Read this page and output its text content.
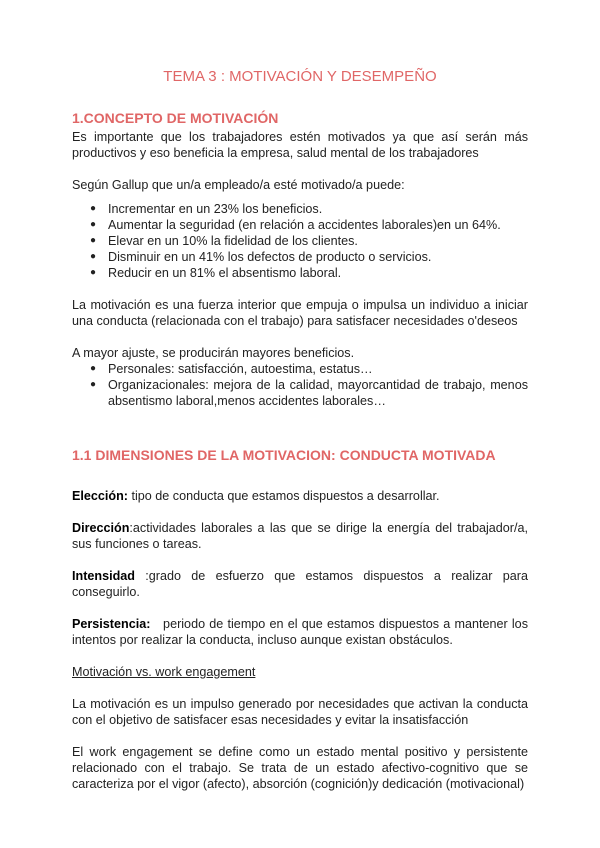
TEMA 3 : MOTIVACIÓN Y DESEMPEÑO
1.CONCEPTO DE MOTIVACIÓN

Es importante que los trabajadores estén motivados ya que así serán más productivos y eso beneficia la empresa, salud mental de los trabajadores

Según Gallup que un/a empleado/a esté motivado/a puede:

● Incrementar en un 23% los beneficios.
● Aumentar la seguridad (en relación a accidentes laborales)en un 64%.
● Elevar en un 10% la fidelidad de los clientes.
● Disminuir en un 41% los defectos de producto o servicios.
● Reducir en un 81% el absentismo laboral.

La motivación es una fuerza interior que empuja o impulsa un individuo a iniciar una conducta (relacionada con el trabajo) para satisfacer necesidades o'deseos

A mayor ajuste, se producirán mayores beneficios.

● Personales: satisfacción, autoestima, estatus…
● Organizacionales: mejora de la calidad, mayorcantidad de trabajo, menos absentismo laboral,menos accidentes laborales…
1.1 DIMENSIONES DE LA MOTIVACION: CONDUCTA MOTIVADA

Elección: tipo de conducta que estamos dispuestos a desarrollar.

Dirección:actividades laborales a las que se dirige la energía del trabajador/a, sus funciones o tareas.

Intensidad :grado de esfuerzo que estamos dispuestos a realizar para conseguirlo.

Persistencia:   periodo de tiempo en el que estamos dispuestos a mantener los intentos por realizar la conducta, incluso aunque existan obstáculos.

Motivación vs. work engagement

La motivación es un impulso generado por necesidades que activan la conducta con el objetivo de satisfacer esas necesidades y evitar la insatisfacción

El work engagement se define como un estado mental positivo y persistente relacionado con el trabajo. Se trata de un estado afectivo-cognitivo que se caracteriza por el vigor (afecto), absorción (cognición)y dedicación (motivacional)
